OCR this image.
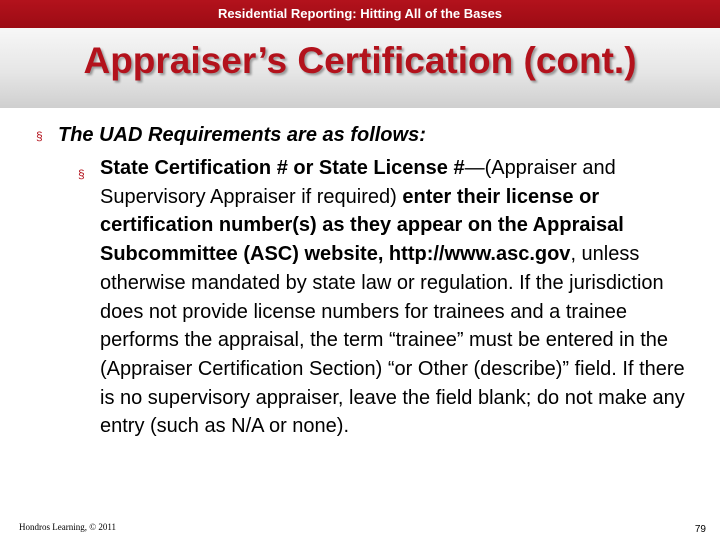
Residential Reporting: Hitting All of the Bases
Appraiser’s Certification (cont.)
§ The UAD Requirements are as follows:
§ State Certification # or State License #—(Appraiser and Supervisory Appraiser if required) enter their license or certification number(s) as they appear on the Appraisal Subcommittee (ASC) website, http://www.asc.gov, unless otherwise mandated by state law or regulation. If the jurisdiction does not provide license numbers for trainees and a trainee performs the appraisal, the term “trainee” must be entered in the (Appraiser Certification Section) “or Other (describe)” field. If there is no supervisory appraiser, leave the field blank; do not make any entry (such as N/A or none).
Hondros Learning, © 2011	79
